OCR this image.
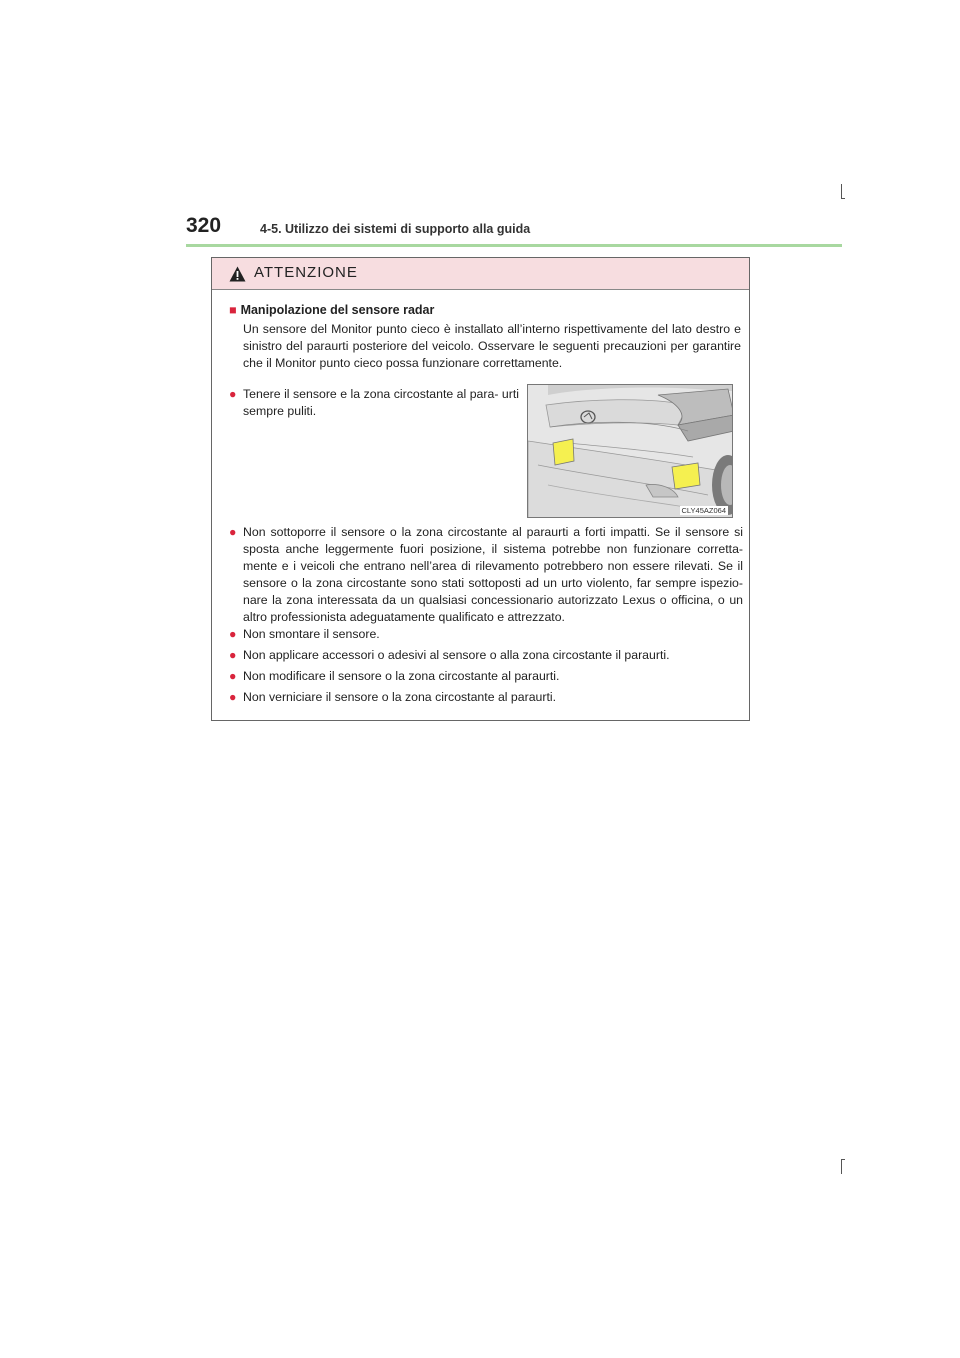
320	4-5. Utilizzo dei sistemi di supporto alla guida
ATTENZIONE
■ Manipolazione del sensore radar
Un sensore del Monitor punto cieco è installato all’interno rispettivamente del lato destro e sinistro del paraurti posteriore del veicolo. Osservare le seguenti precauzioni per garantire che il Monitor punto cieco possa funzionare correttamente.
● Tenere il sensore e la zona circostante al para- urti sempre puliti.
CLY45AZ064
● Non sottoporre il sensore o la zona circostante al paraurti a forti impatti. Se il sensore si sposta anche leggermente fuori posizione, il sistema potrebbe non funzionare corretta- mente e i veicoli che entrano nell’area di rilevamento potrebbero non essere rilevati. Se il sensore o la zona circostante sono stati sottoposti ad un urto violento, far sempre ispezio- nare la zona interessata da un qualsiasi concessionario autorizzato Lexus o officina, o un altro professionista adeguatamente qualificato e attrezzato.
● Non smontare il sensore.
● Non applicare accessori o adesivi al sensore o alla zona circostante il paraurti.
● Non modificare il sensore o la zona circostante al paraurti.
● Non verniciare il sensore o la zona circostante al paraurti.
